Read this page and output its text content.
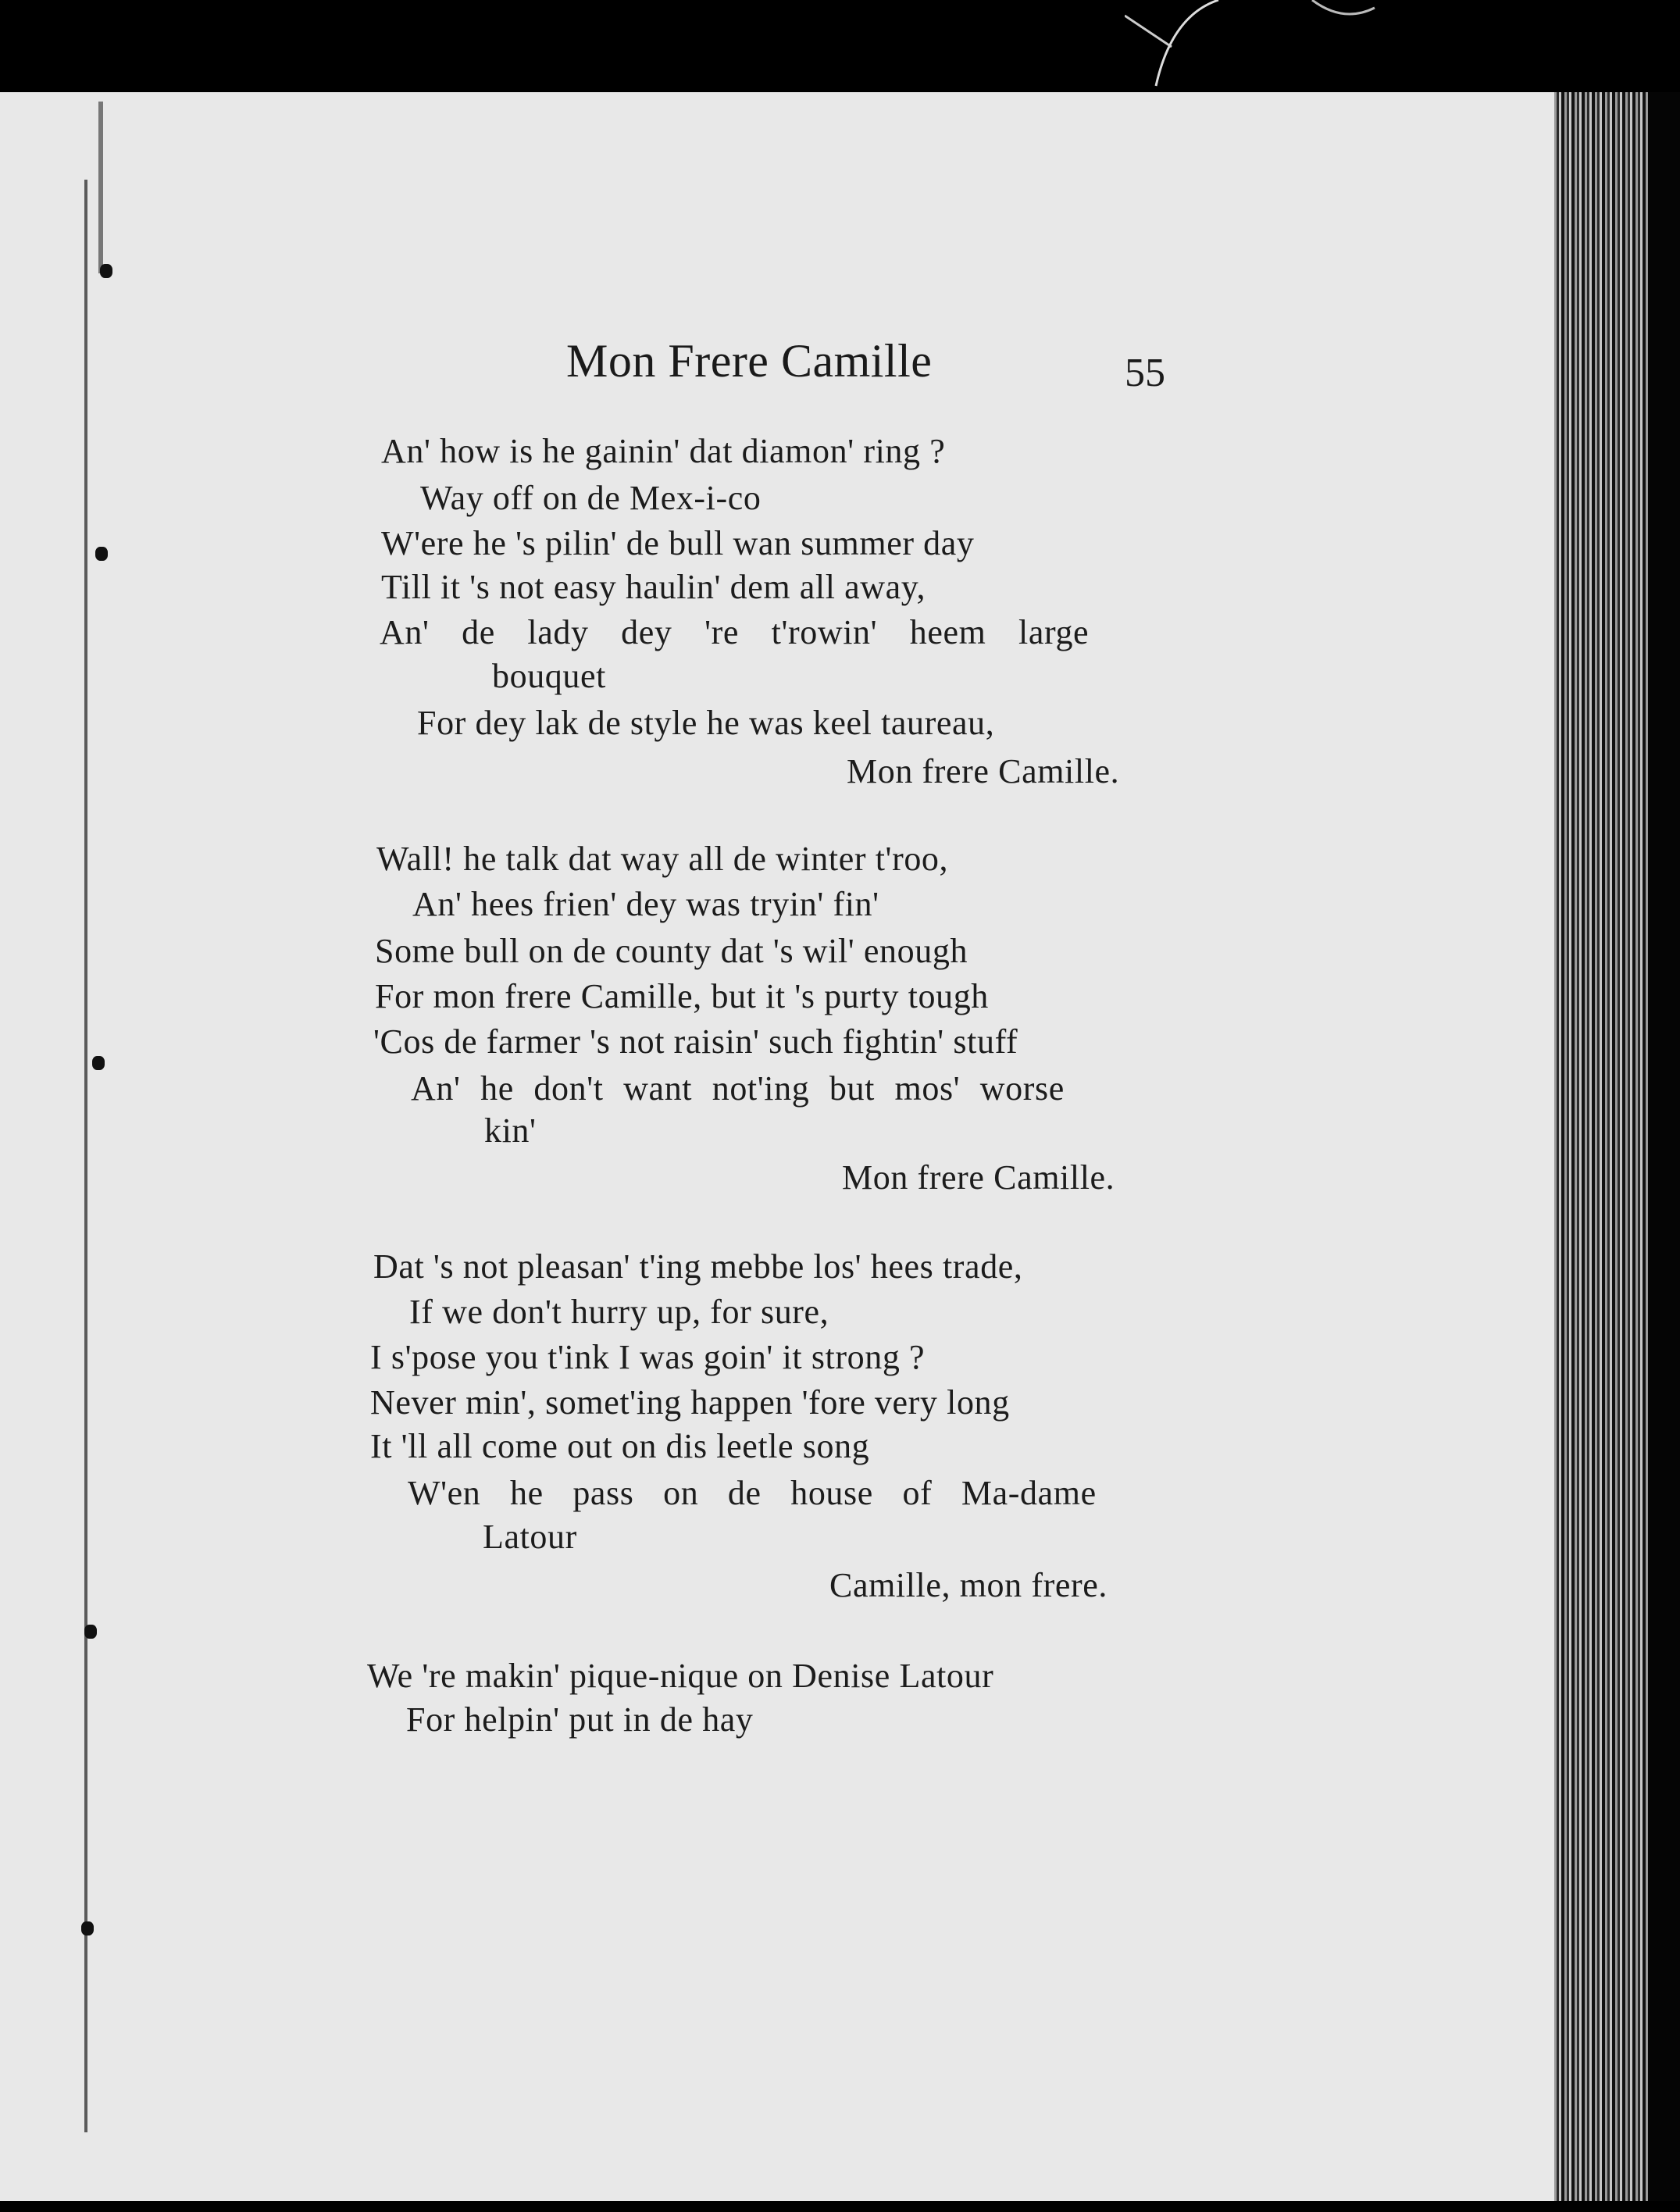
Mon Frere Camille	55
An' how is he gainin' dat diamon' ring ?
Way off on de Mex-i-co
W'ere he 's pilin' de bull wan summer day
Till it 's not easy haulin' dem all away,
An' de lady dey 're t'rowin' heem large
bouquet
For dey lak de style he was keel taureau,
Mon frere Camille.
Wall! he talk dat way all de winter t'roo,
An' hees frien' dey was tryin' fin'
Some bull on de county dat 's wil' enough
For mon frere Camille, but it 's purty tough
'Cos de farmer 's not raisin' such fightin' stuff
An' he don't want not'ing but mos' worse
kin'
Mon frere Camille.
Dat 's not pleasan' t'ing mebbe los' hees trade,
If we don't hurry up, for sure,
I s'pose you t'ink I was goin' it strong ?
Never min', somet'ing happen 'fore very long
It 'll all come out on dis leetle song
W'en he pass on de house of Ma-dame
Latour
Camille, mon frere.
We 're makin' pique-nique on Denise Latour
For helpin' put in de hay
